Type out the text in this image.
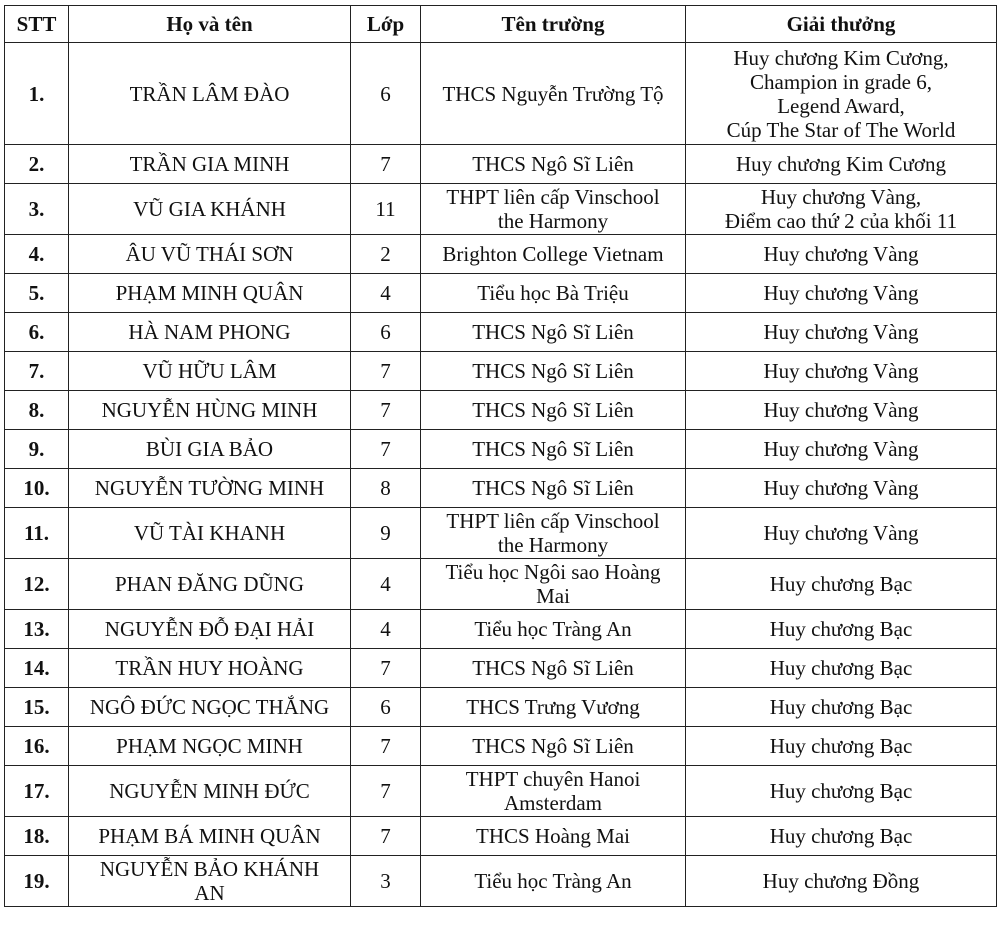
STT	Họ và tên	Lớp	Tên trường	Giải thưởng
1.	TRẦN LÂM ĐÀO	6	THCS Nguyễn Trường Tộ	Huy chương Kim Cương,
Champion in grade 6,
Legend Award,
Cúp The Star of The World

2.	TRẦN GIA MINH	7	THCS Ngô Sĩ Liên	Huy chương Kim Cương

3.	VŨ GIA KHÁNH	11	THPT liên cấp Vinschool
the Harmony	Huy chương Vàng,
Điểm cao thứ 2 của khối 11

4.	ÂU VŨ THÁI SƠN	2	Brighton College Vietnam	Huy chương Vàng

5.	PHẠM MINH QUÂN	4	Tiểu học Bà Triệu	Huy chương Vàng

6.	HÀ NAM PHONG	6	THCS Ngô Sĩ Liên	Huy chương Vàng

7.	VŨ HỮU LÂM	7	THCS Ngô Sĩ Liên	Huy chương Vàng

8.	NGUYỄN HÙNG MINH	7	THCS Ngô Sĩ Liên	Huy chương Vàng

9.	BÙI GIA BẢO	7	THCS Ngô Sĩ Liên	Huy chương Vàng

10.	NGUYỄN TƯỜNG MINH	8	THCS Ngô Sĩ Liên	Huy chương Vàng

11.	VŨ TÀI KHANH	9	THPT liên cấp Vinschool
the Harmony	Huy chương Vàng

12.	PHAN ĐĂNG DŨNG	4	Tiểu học Ngôi sao Hoàng
Mai	Huy chương Bạc

13.	NGUYỄN ĐỖ ĐẠI HẢI	4	Tiểu học Tràng An	Huy chương Bạc

14.	TRẦN HUY HOÀNG	7	THCS Ngô Sĩ Liên	Huy chương Bạc

15.	NGÔ ĐỨC NGỌC THẮNG	6	THCS Trưng Vương	Huy chương Bạc

16.	PHẠM NGỌC MINH	7	THCS Ngô Sĩ Liên	Huy chương Bạc

17.	NGUYỄN MINH ĐỨC	7	THPT chuyên Hanoi
Amsterdam	Huy chương Bạc

18.	PHẠM BÁ MINH QUÂN	7	THCS Hoàng Mai	Huy chương Bạc

19.	NGUYỄN BẢO KHÁNH
AN	3	Tiểu học Tràng An	Huy chương Đồng
